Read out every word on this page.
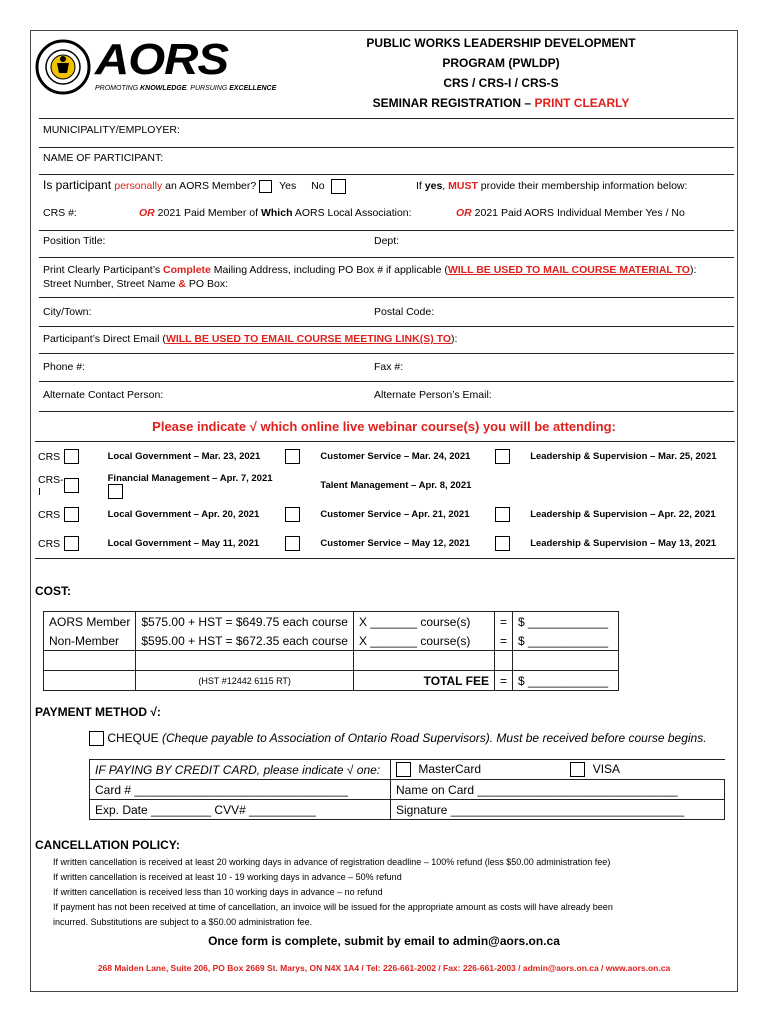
AORS
PROMOTING KNOWLEDGE. PURSUING EXCELLENCE
PUBLIC WORKS LEADERSHIP DEVELOPMENT
PROGRAM (PWLDP)
CRS / CRS-I / CRS-S
SEMINAR REGISTRATION – PRINT CLEARLY
MUNICIPALITY/EMPLOYER:
NAME OF PARTICIPANT:
Is participant personally an AORS Member? Yes No	If yes, MUST provide their membership information below:
CRS #:	OR 2021 Paid Member of Which AORS Local Association:	OR 2021 Paid AORS Individual Member Yes / No
Position Title:	Dept:
Print Clearly Participant’s Complete Mailing Address, including PO Box # if applicable (WILL BE USED TO MAIL COURSE MATERIAL TO):
Street Number, Street Name & PO Box:
City/Town:	Postal Code:
Participant’s Direct Email (WILL BE USED TO EMAIL COURSE MEETING LINK(S) TO):
Phone #:	Fax #:
Alternate Contact Person:	Alternate Person’s Email:
Please indicate √ which online live webinar course(s) you will be attending:
CRS		Local Government – Mar. 23, 2021		Customer Service – Mar. 24, 2021		Leadership & Supervision – Mar. 25, 2021
CRS-I		Financial Management – Apr. 7, 2021		Talent Management – Apr. 8, 2021		
CRS		Local Government – Apr. 20, 2021		Customer Service – Apr. 21, 2021		Leadership & Supervision – Apr. 22, 2021
CRS		Local Government – May 11, 2021		Customer Service – May 12, 2021		Leadership & Supervision – May 13, 2021
COST:
AORS Member	$575.00 + HST = $649.75 each course	X _______ course(s)	=	$ ____________
Non-Member	$595.00 + HST = $672.35 each course	X _______ course(s)	=	$ ____________

	(HST #12442 6115 RT)	TOTAL FEE	=	$ ____________
PAYMENT METHOD √:
CHEQUE (Cheque payable to Association of Ontario Road Supervisors). Must be received before course begins.
IF PAYING BY CREDIT CARD, please indicate √ one:	MasterCard VISA
Card # ________________________________	Name on Card ______________________________
Exp. Date _________ CVV# __________	Signature ___________________________________
CANCELLATION POLICY:
If written cancellation is received at least 20 working days in advance of registration deadline – 100% refund (less $50.00 administration fee)
If written cancellation is received at least 10 - 19 working days in advance – 50% refund
If written cancellation is received less than 10 working days in advance – no refund
If payment has not been received at time of cancellation, an invoice will be issued for the appropriate amount as costs will have already been
incurred. Substitutions are subject to a $50.00 administration fee.
Once form is complete, submit by email to admin@aors.on.ca
268 Maiden Lane, Suite 206, PO Box 2669 St. Marys, ON N4X 1A4 / Tel: 226-661-2002 / Fax: 226-661-2003 / admin@aors.on.ca / www.aors.on.ca
